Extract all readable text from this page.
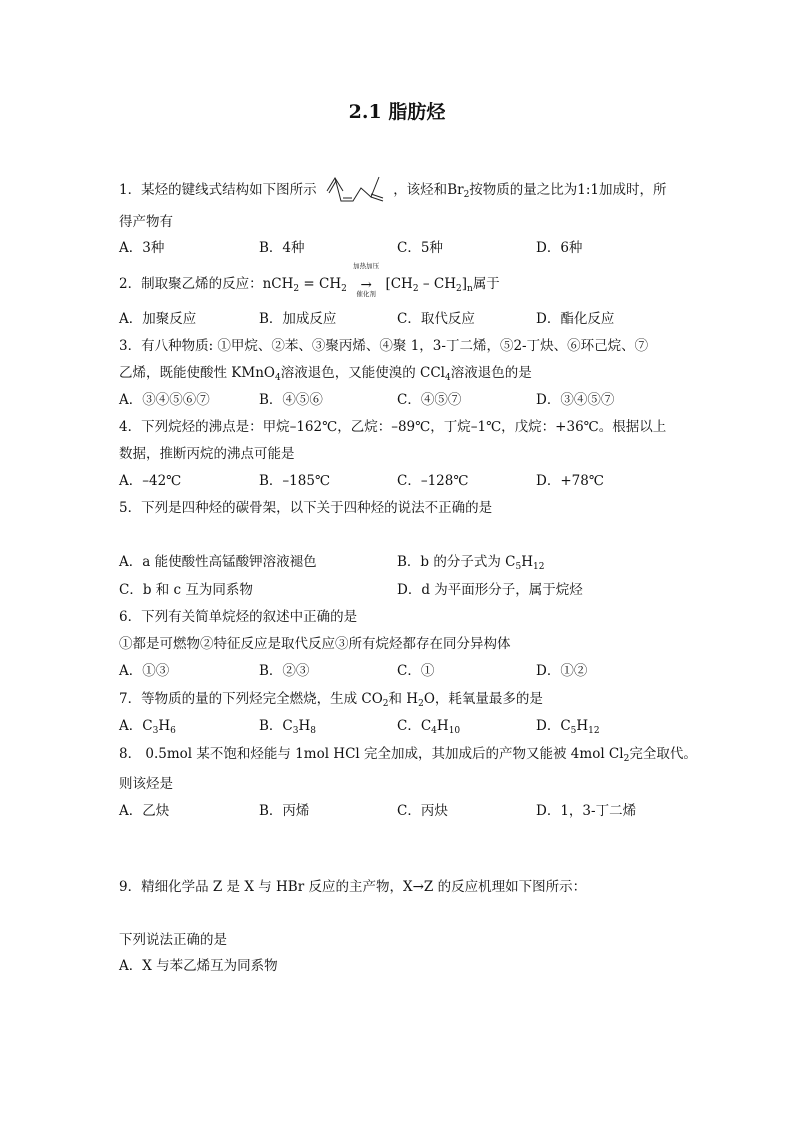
2.1 脂肪烃
1．某烃的键线式结构如下图所示	，该烃和$Br_2$按物质的量之比为1:1加成时，所
得产物有
A．3种	B．4种	C．5种	D．6种
2．制取聚乙烯的反应：$nCH_2 = CH_2$
加热加压
→
催化剂
$[CH_2 - CH_2]_n$属于
A．加聚反应	B．加成反应	C．取代反应	D．酯化反应
3．有八种物质: ①甲烷、②苯、③聚丙烯、④聚 1，3-丁二烯，⑤2-丁炔、⑥环己烷、⑦
乙烯，既能使酸性 KMnO$_4$溶液退色，又能使溴的 CCl$_4$溶液退色的是
A．③④⑤⑥⑦	B．④⑤⑥	C．④⑤⑦	D．③④⑤⑦
4．下列烷烃的沸点是：甲烷–162℃，乙烷：–89℃，丁烷–1℃，戊烷：+36℃。根据以上
数据，推断丙烷的沸点可能是
A．–42℃	B．–185℃	C．–128℃	D．+78℃
5．下列是四种烃的碳骨架，以下关于四种烃的说法不正确的是
A．a 能使酸性高锰酸钾溶液褪色	B．b 的分子式为 $C_5H_{12}$
C．b 和 c 互为同系物	D．d 为平面形分子，属于烷烃
6．下列有关简单烷烃的叙述中正确的是
①都是可燃物②特征反应是取代反应③所有烷烃都存在同分异构体
A．①③	B．②③	C．①	D．①②
7．等物质的量的下列烃完全燃烧，生成 $CO_2$和 $H_2O$，耗氧量最多的是
A．$C_3H_6$	B．$C_3H_8$	C．$C_4H_{10}$	D．$C_5H_{12}$
8． 0.5mol 某不饱和烃能与 1mol HCl 完全加成，其加成后的产物又能被 4mol $Cl_2$完全取代。
则该烃是
A．乙炔	B．丙烯	C．丙炔	D．1，3-丁二烯
9．精细化学品 Z 是 X 与 HBr 反应的主产物，X→Z 的反应机理如下图所示：
下列说法正确的是
A．X 与苯乙烯互为同系物
